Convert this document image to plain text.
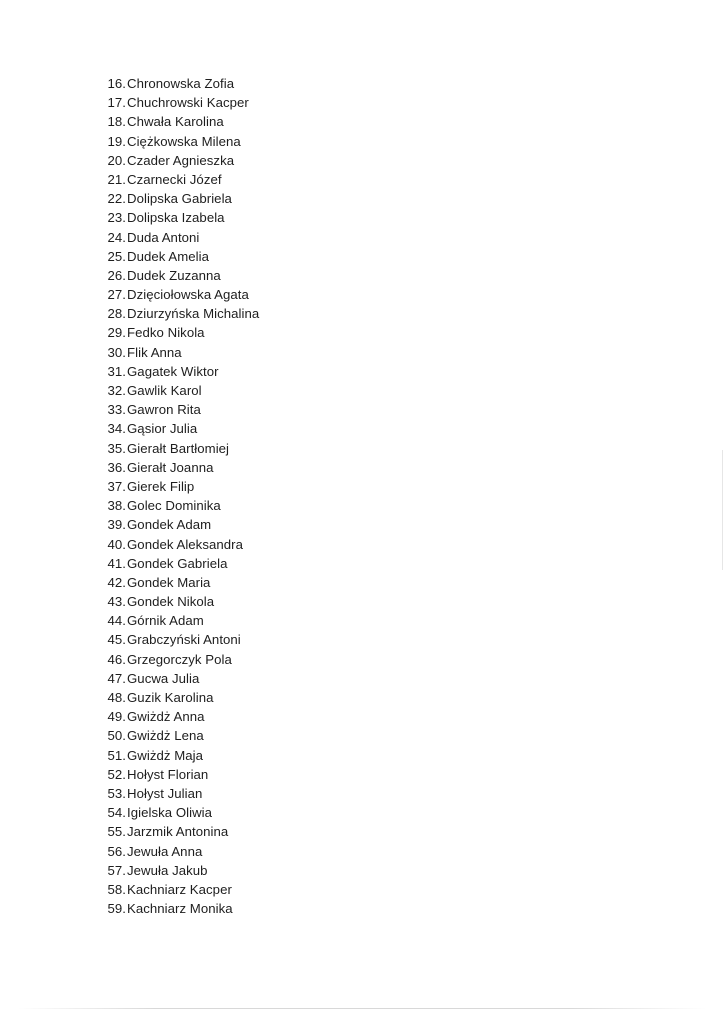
16. Chronowska Zofia
17. Chuchrowski Kacper
18. Chwała Karolina
19. Ciężkowska Milena
20. Czader Agnieszka
21. Czarnecki Józef
22. Dolipska Gabriela
23. Dolipska Izabela
24. Duda Antoni
25. Dudek Amelia
26. Dudek Zuzanna
27. Dzięciołowska Agata
28. Dziurzyńska Michalina
29. Fedko Nikola
30. Flik Anna
31. Gagatek Wiktor
32. Gawlik Karol
33. Gawron Rita
34. Gąsior Julia
35. Gierałt Bartłomiej
36. Gierałt Joanna
37. Gierek Filip
38. Golec Dominika
39. Gondek Adam
40. Gondek Aleksandra
41. Gondek Gabriela
42. Gondek Maria
43. Gondek Nikola
44. Górnik Adam
45. Grabczyński Antoni
46. Grzegorczyk Pola
47. Gucwa Julia
48. Guzik Karolina
49. Gwiżdż Anna
50. Gwiżdż Lena
51. Gwiżdż Maja
52. Hołyst Florian
53. Hołyst Julian
54. Igielska Oliwia
55. Jarzmik Antonina
56. Jewuła Anna
57. Jewuła Jakub
58. Kachniarz Kacper
59. Kachniarz Monika
